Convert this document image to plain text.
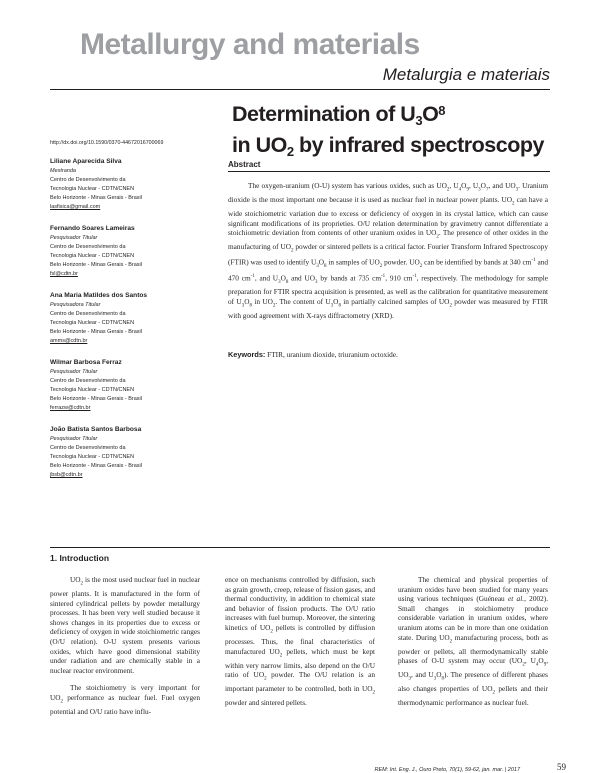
Metallurgy and materials
Metalurgia e materiais
Determination of $U_3O^8$
in $UO_2$ by infrared spectroscopy
http://dx.doi.org/10.1590/0370-44672016700069
Liliane Aparecida Silva
Mestranda
Centro de Desenvolvimento da
Tecnologia Nuclear - CDTN/CNEN
Belo Horizonte - Minas Gerais - Brasil
lasfisica@gmail.com
Fernando Soares Lameiras
Pesquisador Titular
Centro de Desenvolvimento da
Tecnologia Nuclear - CDTN/CNEN
Belo Horizonte - Minas Gerais - Brasil
fsl@cdtn.br
Ana Maria Matildes dos Santos
Pesquisadora Titular
Centro de Desenvolvimento da
Tecnologia Nuclear - CDTN/CNEN
Belo Horizonte - Minas Gerais - Brasil
amms@cdtn.br
Wilmar Barbosa Ferraz
Pesquisador Titular
Centro de Desenvolvimento da
Tecnologia Nuclear - CDTN/CNEN
Belo Horizonte - Minas Gerais - Brasil
ferrazw@cdtn.br
João Batista Santos Barbosa
Pesquisador Titular
Centro de Desenvolvimento da
Tecnologia Nuclear - CDTN/CNEN
Belo Horizonte - Minas Gerais - Brasil
jbsb@cdtn.br
Abstract
The oxygen-uranium (O-U) system has various oxides, such as $UO_2$, $U_4O_9$, $U_3O_7$, and $UO_3$. Uranium dioxide is the most important one because it is used as nuclear fuel in nuclear power plants. $UO_2$ can have a wide stoichiometric variation due to excess or deficiency of oxygen in its crystal lattice, which can cause significant modifications of its proprieties. O/U relation determination by gravimetry cannot differentiate a stoichiometric deviation from contents of other uranium oxides in $UO_2$. The presence of other oxides in the manufacturing of $UO_2$ powder or sintered pellets is a critical factor. Fourier Transform Infrared Spectroscopy (FTIR) was used to identify $U_3O_8$ in samples of $UO_2$ powder. $UO_2$ can be identified by bands at 340 $cm^{-1}$ and 470 $cm^{-1}$, and $U_3O_8$ and $UO_3$ by bands at 735 $cm^{-1}$, 910 $cm^{-1}$, respectively. The methodology for sample preparation for FTIR spectra acquisition is presented, as well as the calibration for quantitative measurement of $U_3O_8$ in $UO_2$. The content of $U_3O_8$ in partially calcined samples of $UO_2$ powder was measured by FTIR with good agreement with X-rays diffractometry (XRD).
Keywords: FTIR, uranium dioxide, triuranium octoxide.
1. Introduction

$UO_2$ is the most used nuclear fuel in nuclear power plants. It is manufactured in the form of sintered cylindrical pellets by powder metallurgy processes. It has been very well studied because it shows changes in its properties due to excess or deficiency of oxygen in wide stoichiometric ranges (O/U relation). O-U system presents various oxides, which have good dimensional stability under radiation and are chemically stable in a nuclear reactor environment.

The stoichiometry is very important for $UO_2$ performance as nuclear fuel. Fuel oxygen potential and O/U ratio have influ-

ence on mechanisms controlled by diffusion, such as grain growth, creep, release of fission gases, and thermal conductivity, in addition to chemical state and behavior of fission products. The O/U ratio increases with fuel burnup. Moreover, the sintering kinetics of $UO_2$ pellets is controlled by diffusion processes. Thus, the final characteristics of manufactured $UO_2$ pellets, which must be kept within very narrow limits, also depend on the O/U ratio of $UO_2$ powder. The O/U relation is an important parameter to be controlled, both in $UO_2$ powder and sintered pellets.

The chemical and physical properties of uranium oxides have been studied for many years using various techniques (Guéneau et al., 2002). Small changes in stoichiometry produce considerable variation in uranium oxides, where uranium atoms can be in more than one oxidation state. During $UO_2$ manufacturing process, both as powder or pellets, all thermodynamically stable phases of O-U system may occur ($UO_2$, $U_4O_9$, $UO_3$, and $U_3O_8$). The presence of different phases also changes properties of $UO_2$ pellets and their thermodynamic performance as nuclear fuel.

REM: Int. Eng. J., Ouro Preto, 70(1), 59-62, jan. mar. | 2017	59
